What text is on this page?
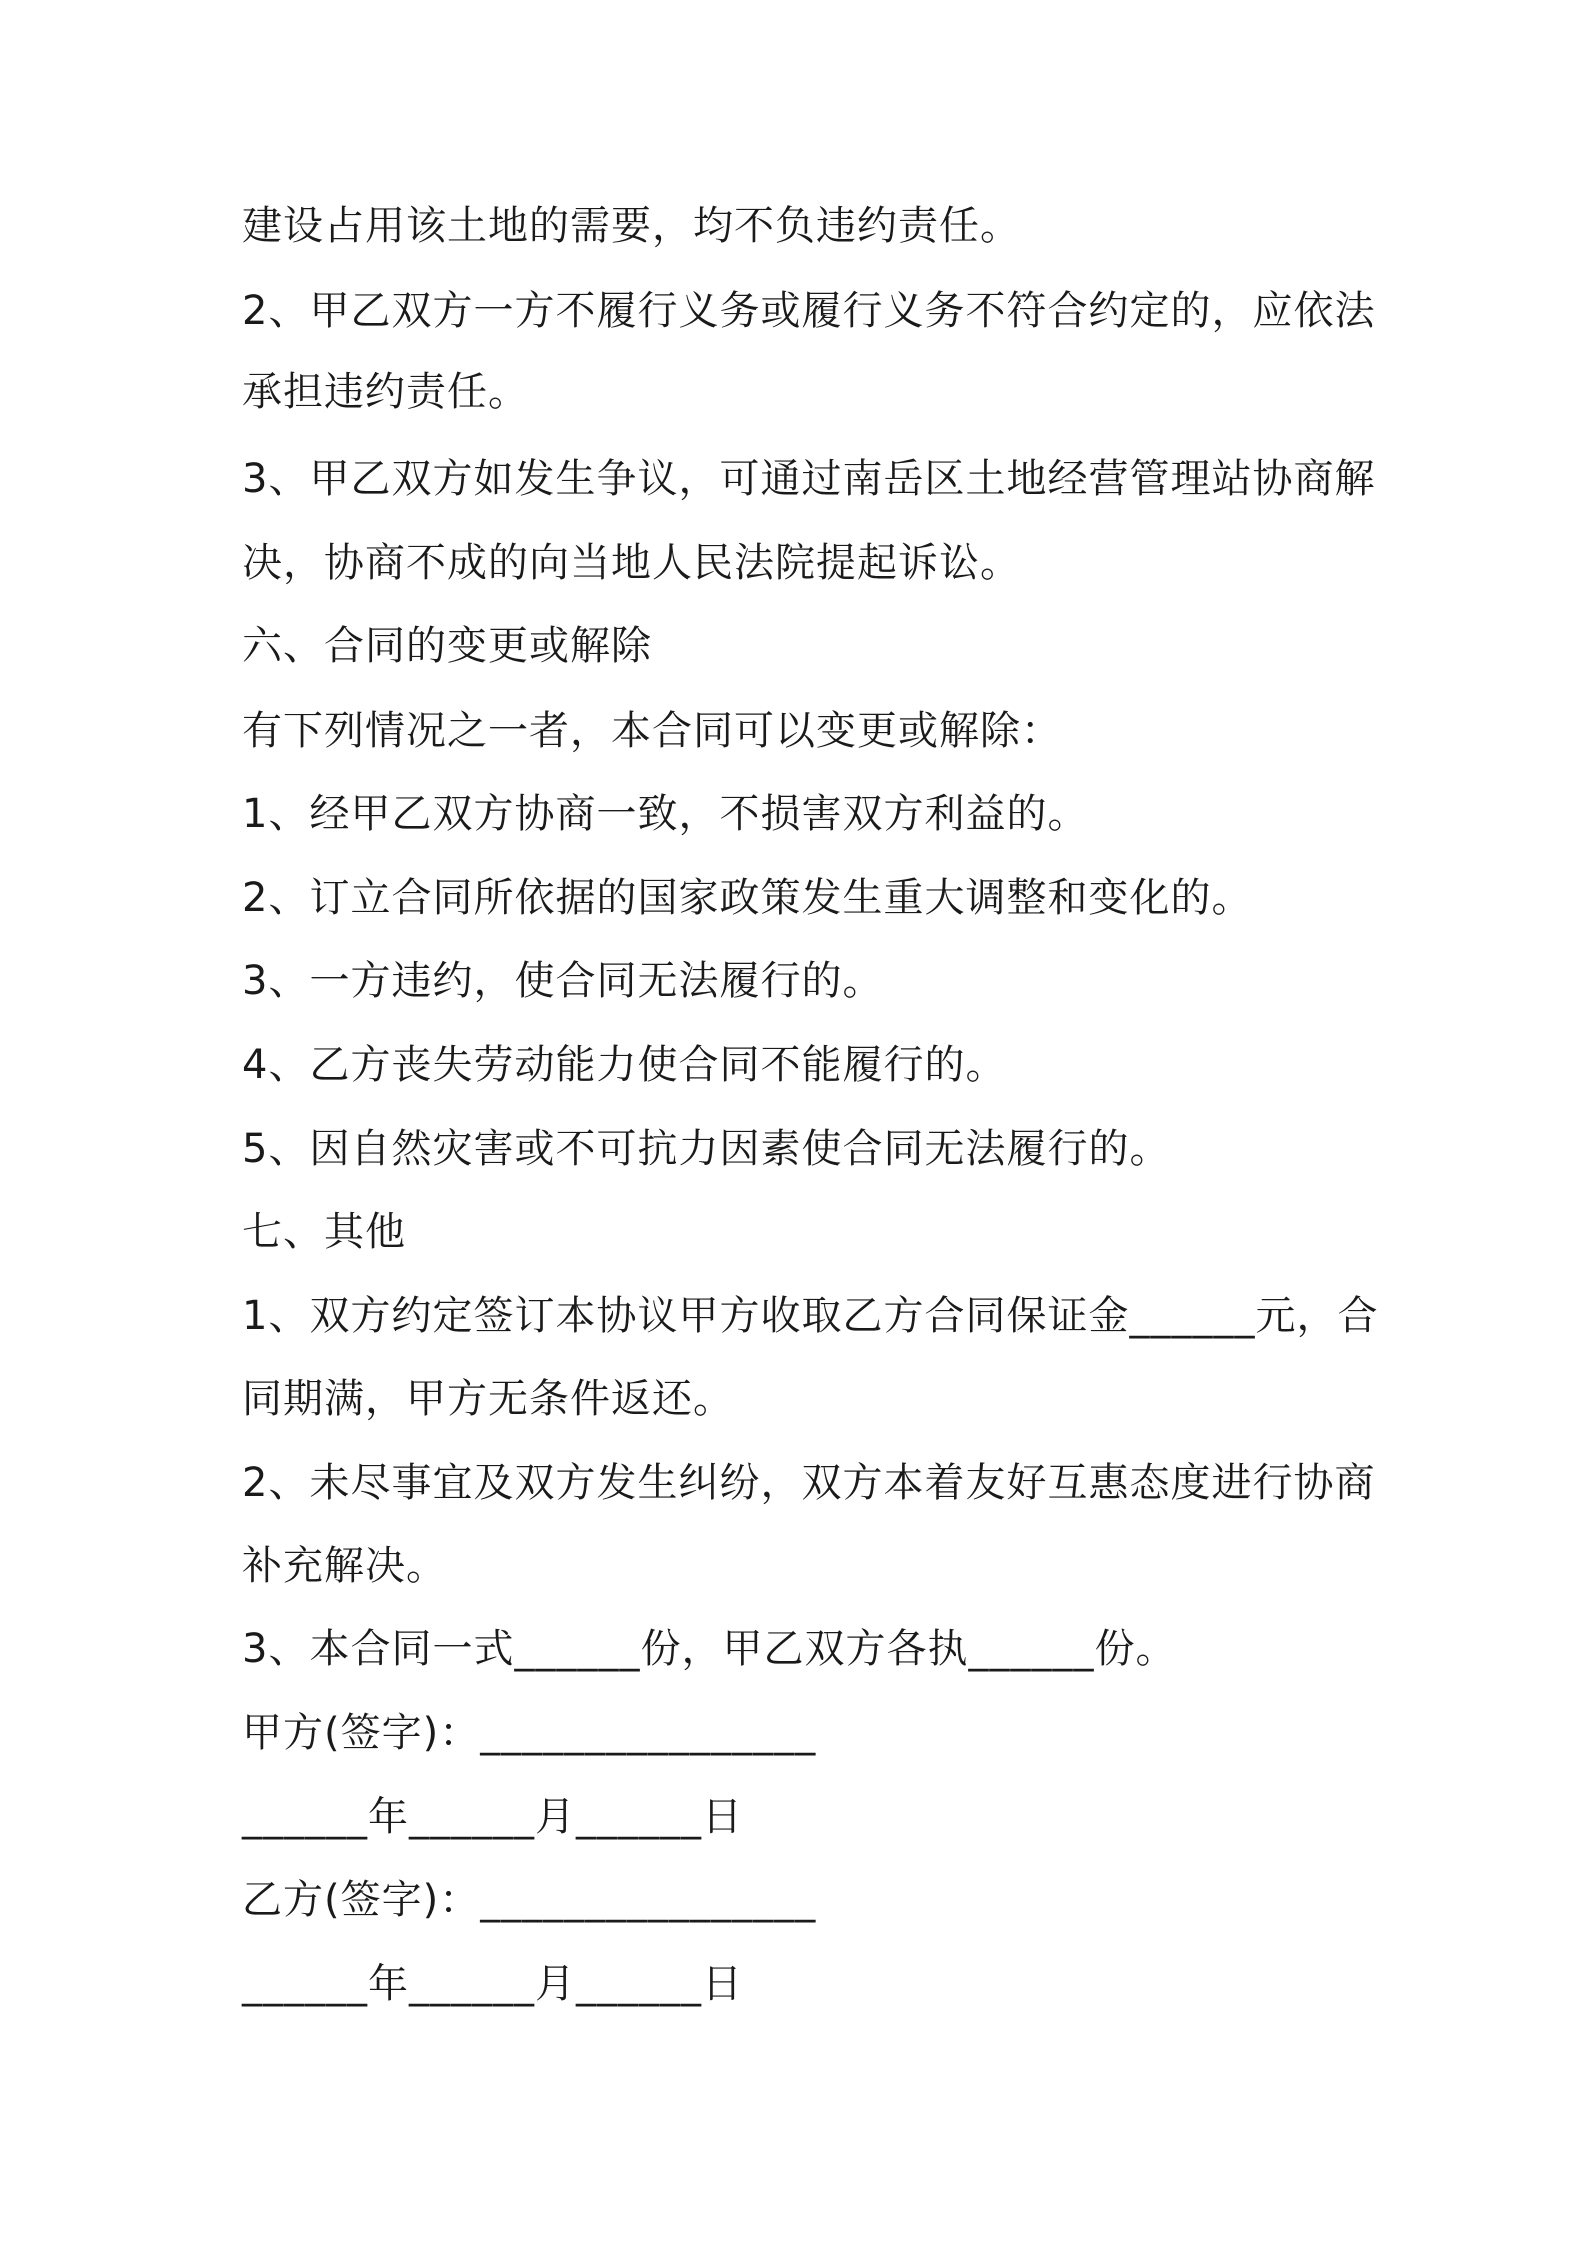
建设占用该土地的需要，均不负违约责任。
2、甲乙双方一方不履行义务或履行义务不符合约定的，应依法
承担违约责任。
3、甲乙双方如发生争议，可通过南岳区土地经营管理站协商解
决，协商不成的向当地人民法院提起诉讼。
六、合同的变更或解除
有下列情况之一者，本合同可以变更或解除：
1、经甲乙双方协商一致，不损害双方利益的。
2、订立合同所依据的国家政策发生重大调整和变化的。
3、一方违约，使合同无法履行的。
4、乙方丧失劳动能力使合同不能履行的。
5、因自然灾害或不可抗力因素使合同无法履行的。
七、其他
1、双方约定签订本协议甲方收取乙方合同保证金______元，合
同期满，甲方无条件返还。
2、未尽事宜及双方发生纠纷，双方本着友好互惠态度进行协商
补充解决。
3、本合同一式______份，甲乙双方各执______份。
甲方(签字)：________________
______年______月______日
乙方(签字)：________________
______年______月______日
